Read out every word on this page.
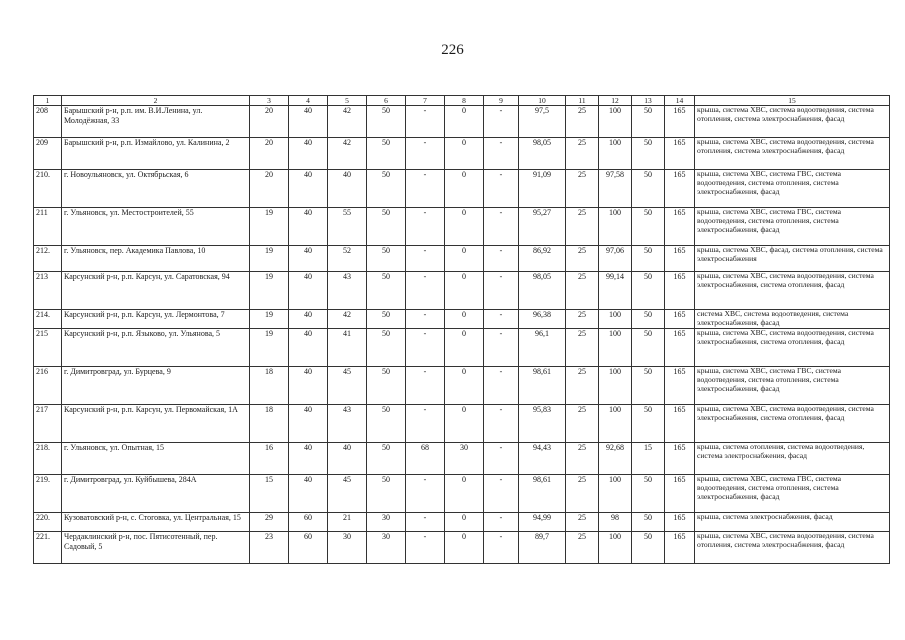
226
1	2	3	4	5	6	7	8	9	10	11	12	13	14	15
208	Барышский р-н, р.п. им. В.И.Ленина, ул. Молодёжная, 33	20	40	42	50	-	0	-	97,5	25	100	50	165	крыша, система ХВС, система водоотведения, система отопления, система электроснабжения, фасад
209	Барышский р-н, р.п. Измайлово, ул. Калинина, 2	20	40	42	50	-	0	-	98,05	25	100	50	165	крыша, система ХВС, система водоотведения, система отопления, система электроснабжения, фасад
210.	г. Новоульяновск, ул. Октябрьская, 6	20	40	40	50	-	0	-	91,09	25	97,58	50	165	крыша, система ХВС, система ГВС, система водоотведения, система отопления, система электроснабжения, фасад
211	г. Ульяновск, ул. Местостроителей, 55	19	40	55	50	-	0	-	95,27	25	100	50	165	крыша, система ХВС, система ГВС, система водоотведения, система отопления, система электроснабжения, фасад
212.	г. Ульяновск, пер. Академика Павлова, 10	19	40	52	50	-	0	-	86,92	25	97,06	50	165	крыша, система ХВС, фасад, система отопления, система электроснабжения
213	Карсунский р-н, р.п. Карсун, ул. Саратовская, 94	19	40	43	50	-	0	-	98,05	25	99,14	50	165	крыша, система ХВС, система водоотведения, система электроснабжения, система отопления, фасад
214.	Карсунский р-н, р.п. Карсун, ул. Лермонтова, 7	19	40	42	50	-	0	-	96,38	25	100	50	165	система ХВС, система водоотведения, система электроснабжения, фасад
215	Карсунский р-н, р.п. Языково, ул. Ульянова, 5	19	40	41	50	-	0	-	96,1	25	100	50	165	крыша, система ХВС, система водоотведения, система электроснабжения, система отопления, фасад
216	г. Димитровград, ул. Бурцева, 9	18	40	45	50	-	0	-	98,61	25	100	50	165	крыша, система ХВС, система ГВС, система водоотведения, система отопления, система электроснабжения, фасад
217	Карсунский р-н, р.п. Карсун, ул. Первомайская, 1А	18	40	43	50	-	0	-	95,83	25	100	50	165	крыша, система ХВС, система водоотведения, система электроснабжения, система отопления, фасад
218.	г. Ульяновск, ул. Опытная, 15	16	40	40	50	68	30	-	94,43	25	92,68	15	165	крыша, система отопления, система водоотведения, система электроснабжения, фасад
219.	г. Димитровград, ул. Куйбышева, 284А	15	40	45	50	-	0	-	98,61	25	100	50	165	крыша, система ХВС, система ГВС, система водоотведения, система отопления, система электроснабжения, фасад
220.	Кузоватовский р-н, с. Стоговка, ул. Центральная, 15	29	60	21	30	-	0	-	94,99	25	98	50	165	крыша, система электроснабжения, фасад
221.	Чердаклинский р-н, пос. Пятисотенный, пер. Садовый, 5	23	60	30	30	-	0	-	89,7	25	100	50	165	крыша, система ХВС, система водоотведения, система отопления, система электроснабжения, фасад
